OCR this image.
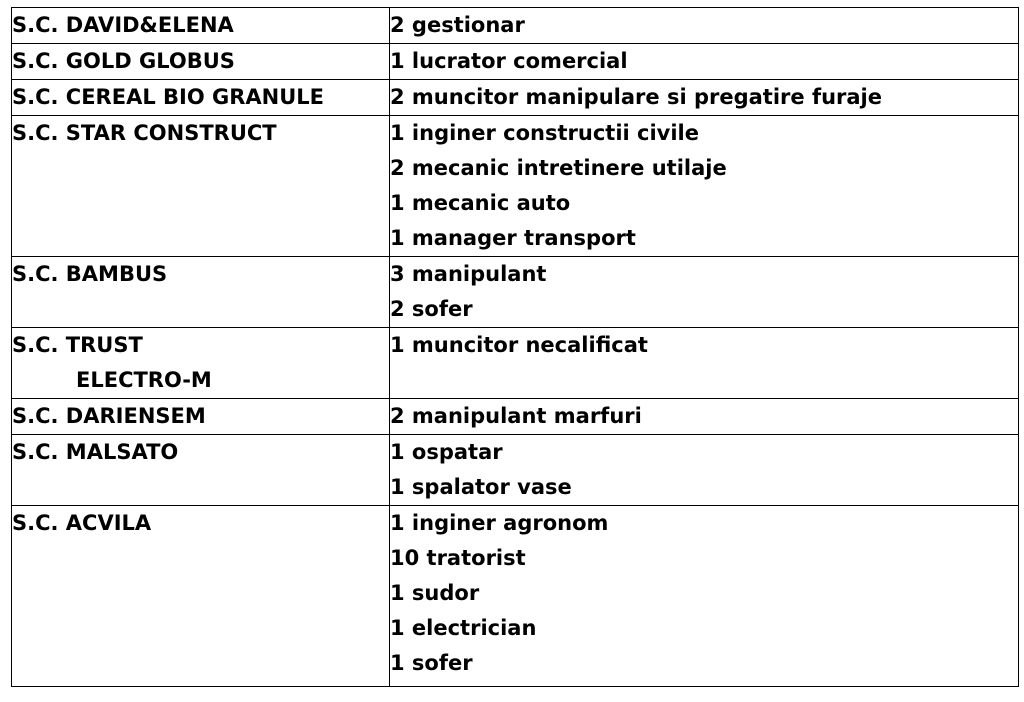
S.C. DAVID&ELENA	2 gestionar

S.C. GOLD GLOBUS	1 lucrator comercial

S.C. CEREAL BIO GRANULE	2 muncitor manipulare si pregatire furaje

S.C. STAR CONSTRUCT	1 inginer constructii civile
2 mecanic intretinere utilaje
1 mecanic auto
1 manager transport

S.C. BAMBUS	3 manipulant
2 sofer

S.C. TRUST
ELECTRO-M	1 muncitor necalificat

S.C. DARIENSEM	2 manipulant marfuri

S.C. MALSATO	1 ospatar
1 spalator vase

S.C. ACVILA	1 inginer agronom
10 tratorist
1 sudor
1 electrician
1 sofer
